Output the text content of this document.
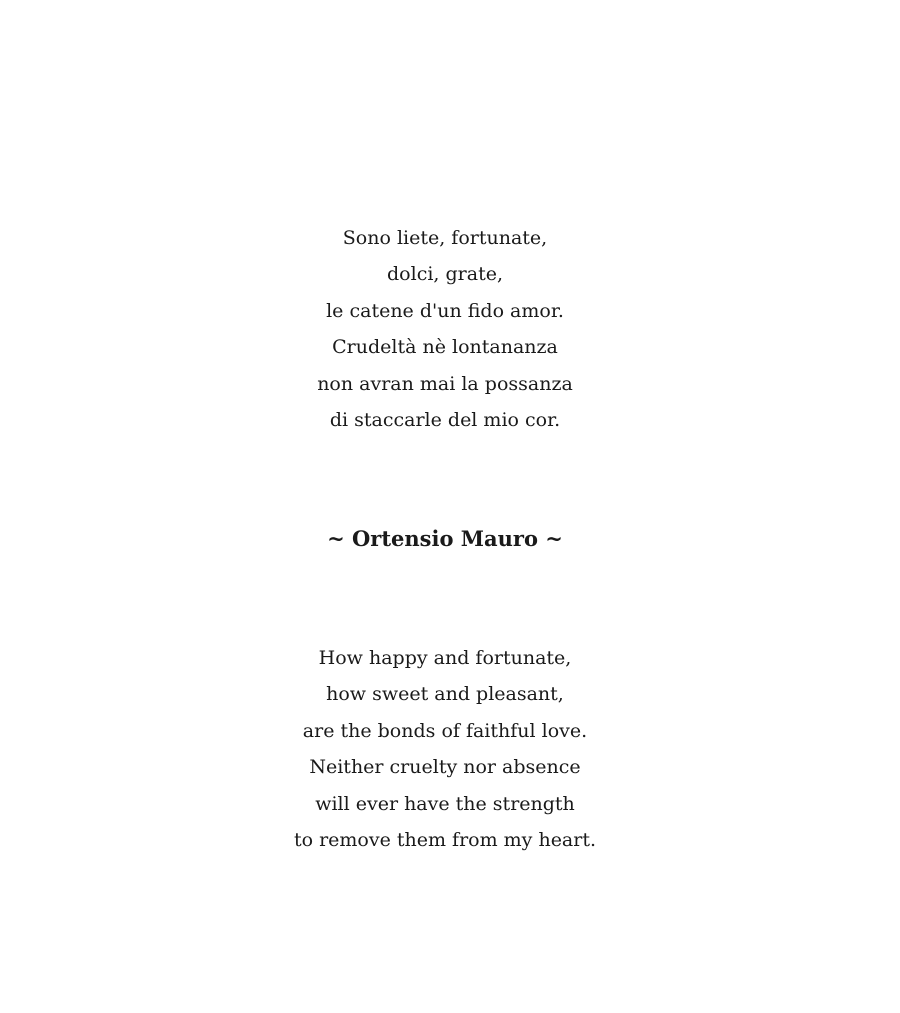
Sono liete, fortunate,
dolci, grate,
le catene d'un fido amor.
Crudeltà nè lontananza
non avran mai la possanza
di staccarle del mio cor.
~ Ortensio Mauro ~
How happy and fortunate,
how sweet and pleasant,
are the bonds of faithful love.
Neither cruelty nor absence
will ever have the strength
to remove them from my heart.
